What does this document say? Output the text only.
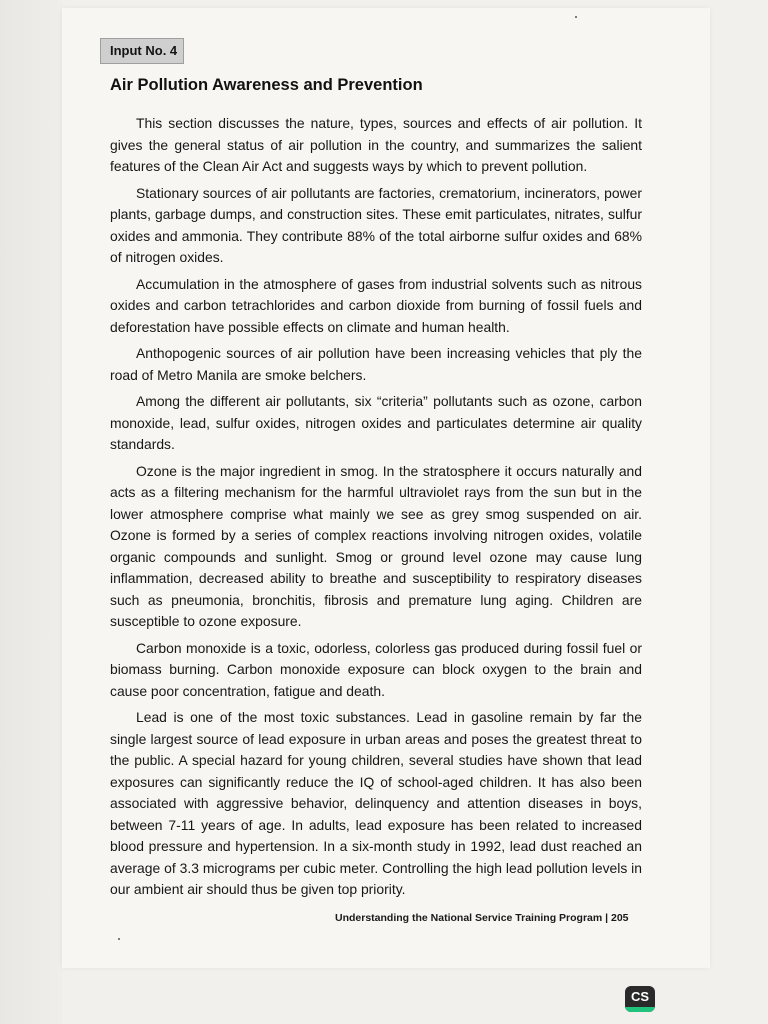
Input No. 4
Air Pollution Awareness and Prevention

This section discusses the nature, types, sources and effects of air pollution. It gives the general status of air pollution in the country, and summarizes the salient features of the Clean Air Act and suggests ways by which to prevent pollution.

Stationary sources of air pollutants are factories, crematorium, incinerators, power plants, garbage dumps, and construction sites. These emit particulates, nitrates, sulfur oxides and ammonia. They contribute 88% of the total airborne sulfur oxides and 68% of nitrogen oxides.

Accumulation in the atmosphere of gases from industrial solvents such as nitrous oxides and carbon tetrachlorides and carbon dioxide from burning of fossil fuels and deforestation have possible effects on climate and human health.

Anthopogenic sources of air pollution have been increasing vehicles that ply the road of Metro Manila are smoke belchers.

Among the different air pollutants, six “criteria” pollutants such as ozone, carbon monoxide, lead, sulfur oxides, nitrogen oxides and particulates determine air quality standards.

Ozone is the major ingredient in smog. In the stratosphere it occurs naturally and acts as a filtering mechanism for the harmful ultraviolet rays from the sun but in the lower atmosphere comprise what mainly we see as grey smog suspended on air. Ozone is formed by a series of complex reactions involving nitrogen oxides, volatile organic compounds and sunlight. Smog or ground level ozone may cause lung inflammation, decreased ability to breathe and susceptibility to respiratory diseases such as pneumonia, bronchitis, fibrosis and premature lung aging. Children are susceptible to ozone exposure.

Carbon monoxide is a toxic, odorless, colorless gas produced during fossil fuel or biomass burning. Carbon monoxide exposure can block oxygen to the brain and cause poor concentration, fatigue and death.

Lead is one of the most toxic substances. Lead in gasoline remain by far the single largest source of lead exposure in urban areas and poses the greatest threat to the public. A special hazard for young children, several studies have shown that lead exposures can significantly reduce the IQ of school-aged children. It has also been associated with aggressive behavior, delinquency and attention diseases in boys, between 7-11 years of age. In adults, lead exposure has been related to increased blood pressure and hypertension. In a six-month study in 1992, lead dust reached an average of 3.3 micrograms per cubic meter. Controlling the high lead pollution levels in our ambient air should thus be given top priority.

Understanding the National Service Training Program | 205
CS
